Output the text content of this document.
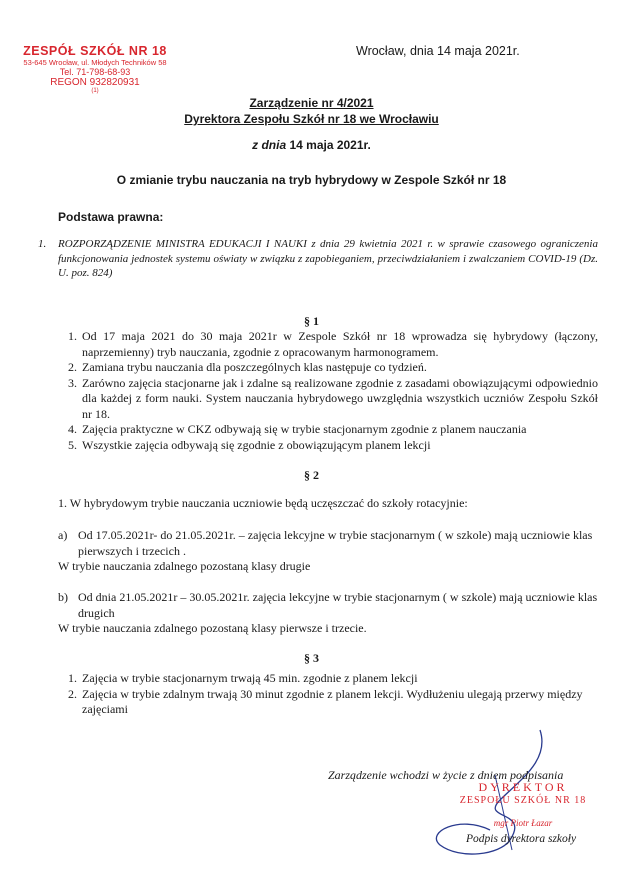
ZESPÓŁ SZKÓŁ NR 18
53-645 Wrocław, ul. Młodych Techników 58
Tel. 71-798-68-93
REGON 932820931
(1)
Wrocław, dnia 14 maja 2021r.
Zarządzenie nr 4/2021
Dyrektora Zespołu Szkół nr 18 we Wrocławiu
z dnia 14 maja 2021r.
O zmianie trybu nauczania na tryb hybrydowy w Zespole Szkół nr 18
Podstawa prawna:
1. ROZPORZĄDZENIE MINISTRA EDUKACJI I NAUKI z dnia 29 kwietnia 2021 r. w sprawie czasowego ograniczenia funkcjonowania jednostek systemu oświaty w związku z zapobieganiem, przeciwdziałaniem i zwalczaniem COVID-19 (Dz. U. poz. 824)
§ 1
1. Od 17 maja 2021 do 30 maja 2021r w Zespole Szkół nr 18 wprowadza się hybrydowy (łączony, naprzemienny) tryb nauczania, zgodnie z opracowanym harmonogramem.
2. Zamiana trybu nauczania dla poszczególnych klas następuje co tydzień.
3. Zarówno zajęcia stacjonarne jak i zdalne są realizowane zgodnie z zasadami obowiązującymi odpowiednio dla każdej z form nauki. System nauczania hybrydowego uwzględnia wszystkich uczniów Zespołu Szkół nr 18.
4. Zajęcia praktyczne w CKZ odbywają się w trybie stacjonarnym zgodnie z planem nauczania
5. Wszystkie zajęcia odbywają się zgodnie z obowiązującym planem lekcji
§ 2
1. W hybrydowym trybie nauczania uczniowie będą uczęszczać do szkoły rotacyjnie:
a) Od 17.05.2021r- do 21.05.2021r. – zajęcia lekcyjne w trybie stacjonarnym ( w szkole) mają uczniowie klas pierwszych i trzecich .
W trybie nauczania zdalnego pozostaną klasy drugie
b) Od dnia 21.05.2021r – 30.05.2021r. zajęcia lekcyjne w trybie stacjonarnym ( w szkole) mają uczniowie klas drugich
W trybie nauczania zdalnego pozostaną klasy pierwsze i trzecie.
§ 3
1. Zajęcia w trybie stacjonarnym trwają 45 min. zgodnie z planem lekcji
2. Zajęcia w trybie zdalnym trwają 30 minut zgodnie z planem lekcji. Wydłużeniu ulegają przerwy między zajęciami
Zarządzenie wchodzi w życie z dniem podpisania
DYREKTOR
ZESPOŁU SZKÓŁ NR 18
mgr Piotr Łazar
Podpis dyrektora szkoły
